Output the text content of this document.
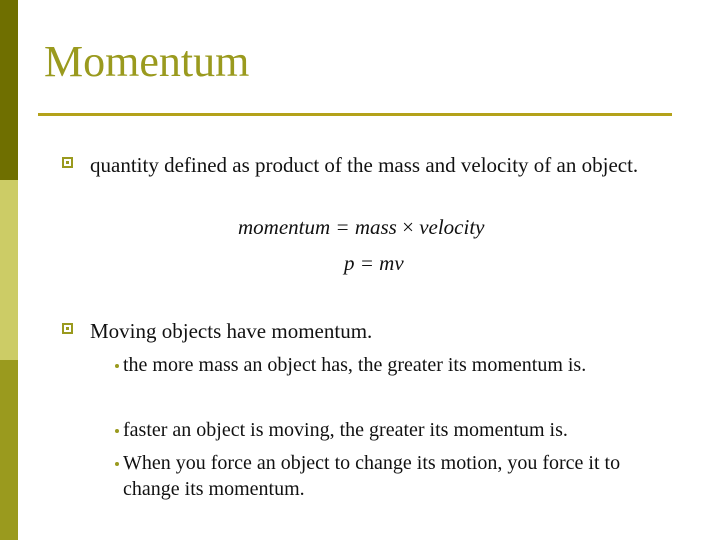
Momentum
quantity defined as product of the mass and velocity of an object.
momentum = mass × velocity
p = mv
Moving objects have momentum.
the more mass an object has, the greater its momentum is.
faster an object is moving, the greater its momentum is.
When you force an object to change its motion, you force it to change its momentum.
